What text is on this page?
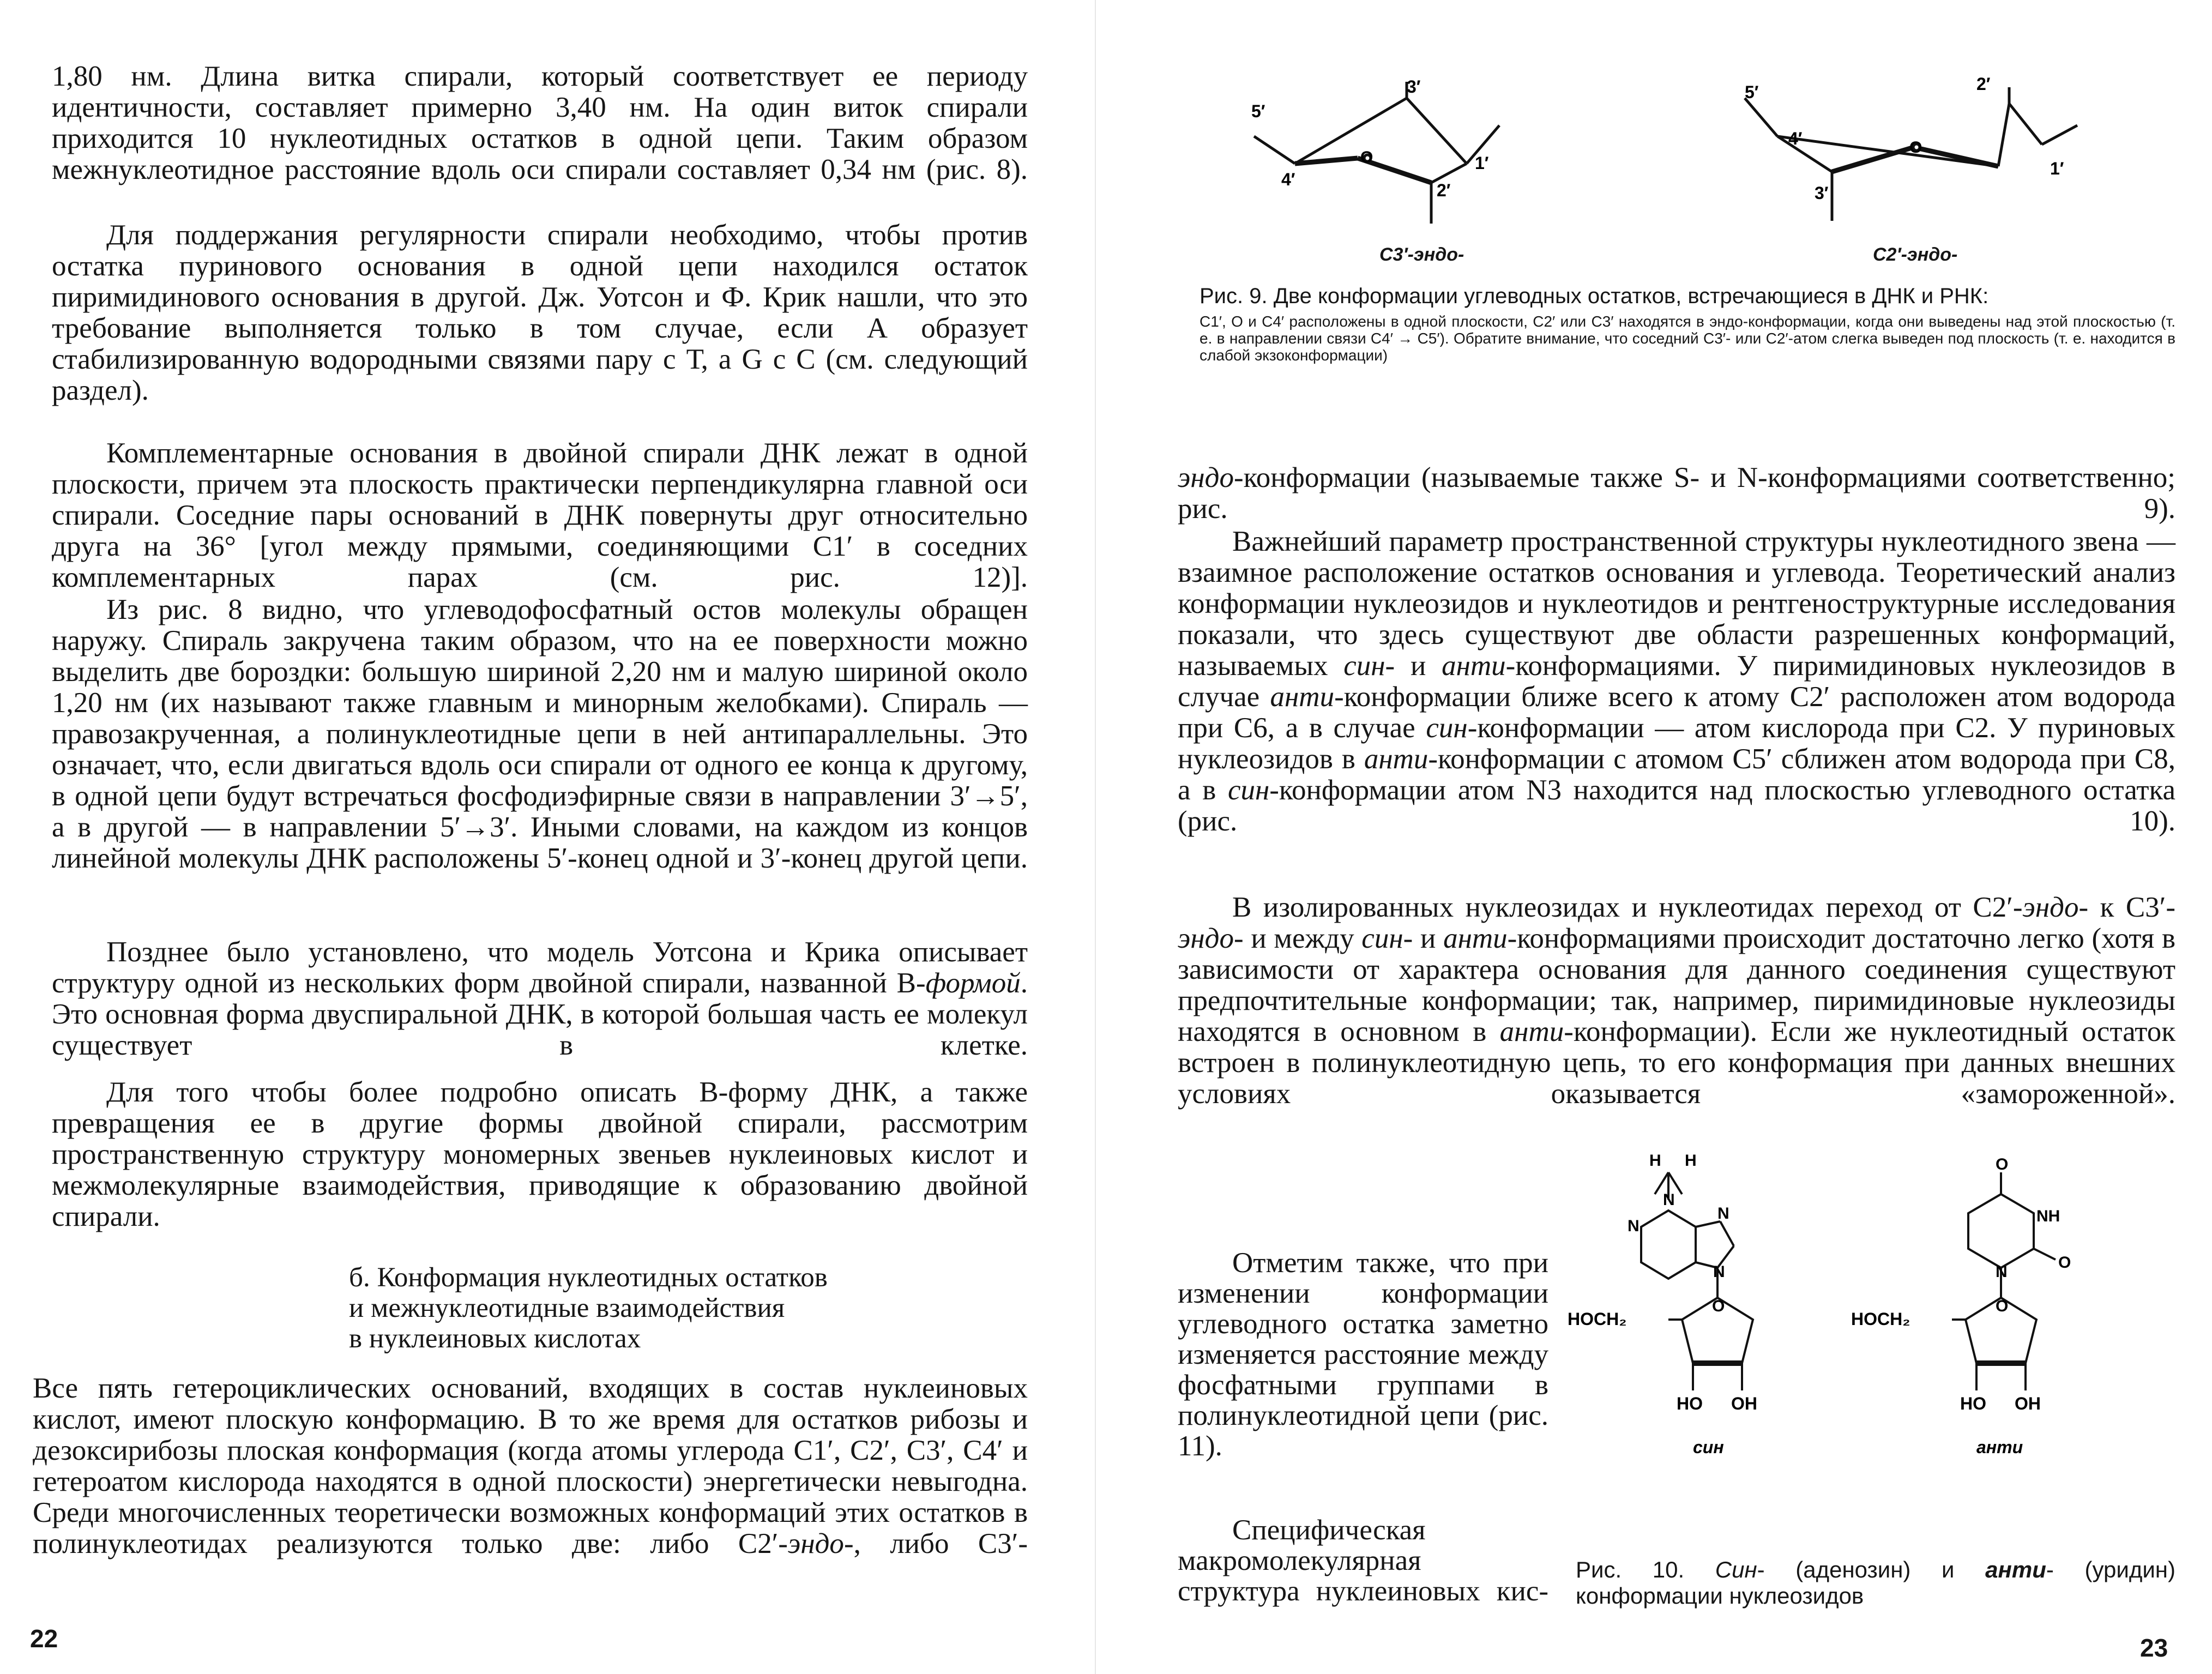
1,80 нм. Длина витка спирали, который соответствует ее периоду идентичности, составляет примерно 3,40 нм. На один виток спирали приходится 10 нуклеотидных остатков в одной цепи. Таким образом межнуклеотидное расстояние вдоль оси спирали составляет 0,34 нм (рис. 8).

Для поддержания регулярности спирали необходимо, чтобы против остатка пуринового основания в одной цепи находился остаток пиримидинового основания в другой. Дж. Уотсон и Ф. Крик нашли, что это требование выполняется только в том случае, если А образует стабилизированную водородными связями пару с Т, а G с С (см. следующий раздел).

Комплементарные основания в двойной спирали ДНК лежат в одной плоскости, причем эта плоскость практически перпендикулярна главной оси спирали. Соседние пары оснований в ДНК повернуты друг относительно друга на 36° [угол между прямыми, соединяющими С1′ в соседних комплементарных парах (см. рис. 12)].

Из рис. 8 видно, что углеводофосфатный остов молекулы обращен наружу. Спираль закручена таким образом, что на ее поверхности можно выделить две бороздки: большую шириной 2,20 нм и малую шириной около 1,20 нм (их называют также главным и минорным желобками). Спираль — правозакрученная, а полинуклеотидные цепи в ней антипараллельны. Это означает, что, если двигаться вдоль оси спирали от одного ее конца к другому, в одной цепи будут встречаться фосфодиэфирные связи в направлении 3′→5′, а в другой — в направлении 5′→3′. Иными словами, на каждом из концов линейной молекулы ДНК расположены 5′-конец одной и 3′-конец другой цепи.

Позднее было установлено, что модель Уотсона и Крика описывает структуру одной из нескольких форм двойной спирали, названной В-формой. Это основная форма двуспиральной ДНК, в которой большая часть ее молекул существует в клетке.

Для того чтобы более подробно описать В-форму ДНК, а также превращения ее в другие формы двойной спирали, рассмотрим пространственную структуру мономерных звеньев нуклеиновых кислот и межмолекулярные взаимодействия, приводящие к образованию двойной спирали.

б. Конформация нуклеотидных остатков
и межнуклеотидные взаимодействия
в нуклеиновых кислотах

Все пять гетероциклических оснований, входящих в состав нуклеиновых кислот, имеют плоскую конформацию. В то же время для остатков рибозы и дезоксирибозы плоская конформация (когда атомы углерода С1′, С2′, С3′, С4′ и гетероатом кислорода находятся в одной плоскости) энергетически невыгодна. Среди многочисленных теоретически возможных конформаций этих остатков в полинуклеотидах реализуются только две: либо С2′-эндо-, либо С3′-

22
5′
3′
4′
O
2′
1′
5′
4′
3′
O
2′
1′
С3′-эндо-	С2′-эндо-
Рис. 9. Две конформации углеводных остатков, встречающиеся в ДНК и РНК:
С1′, О и С4′ расположены в одной плоскости, С2′ или С3′ находятся в эндо-конформации, когда они выведены над этой плоскостью (т. е. в направлении связи С4′ → С5′). Обратите внимание, что соседний С3′- или С2′-атом слегка выведен под плоскость (т. е. находится в слабой экзоконформации)

эндо-конформации (называемые также S- и N-конформациями соответственно; рис. 9).

Важнейший параметр пространственной структуры нуклеотидного звена — взаимное расположение остатков основания и углевода. Теоретический анализ конформации нуклеозидов и нуклеотидов и рентгеноструктурные исследования показали, что здесь существуют две области разрешенных конформаций, называемых син- и анти-конформациями. У пиримидиновых нуклеозидов в случае анти-конформации ближе всего к атому С2′ расположен атом водорода при С6, а в случае син-конформации — атом кислорода при С2. У пуриновых нуклеозидов в анти-конформации с атомом С5′ сближен атом водорода при С8, а в син-конформации атом N3 находится над плоскостью углеводного остатка (рис. 10).

В изолированных нуклеозидах и нуклеотидах переход от С2′-эндо- к С3′-эндо- и между син- и анти-конформациями происходит достаточно легко (хотя в зависимости от характера основания для данного соединения существуют предпочтительные конформации; так, например, пиримидиновые нуклеозиды находятся в основном в анти-конформации). Если же нуклеотидный остаток встроен в полинуклеотидную цепь, то его конформация при данных внешних условиях оказывается «замороженной».

Отметим также, что при изменении конформации углеводного остатка заметно изменяется расстояние между фосфатными группами в полинуклеотидной цепи (рис. 11).

Специфическая макромолекулярная структура нуклеиновых кис-

H H
N
N
N
N
O
HOCH₂
HO OH
O
NH
O
N
O
HOCH₂
HO OH
син	анти
Рис. 10. Син- (аденозин) и анти- (уридин) конформации нуклеозидов
23
